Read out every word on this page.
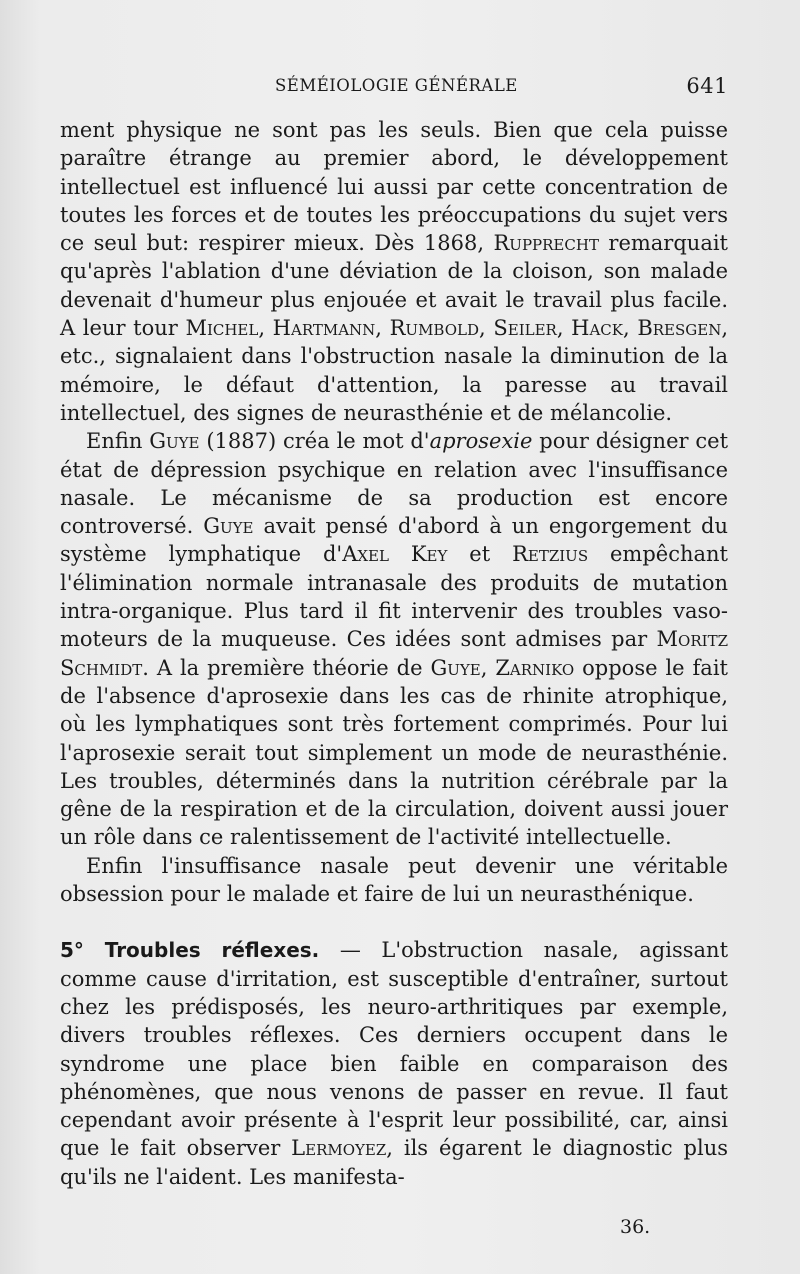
SÉMÉIOLOGIE GÉNÉRALE	641

ment physique ne sont pas les seuls. Bien que cela puisse paraître étrange au premier abord, le développement intellectuel est influencé lui aussi par cette concentration de toutes les forces et de toutes les préoccupations du sujet vers ce seul but: respirer mieux. Dès 1868, Rupprecht remarquait qu'après l'ablation d'une déviation de la cloison, son malade devenait d'humeur plus enjouée et avait le travail plus facile. A leur tour Michel, Hartmann, Rumbold, Seiler, Hack, Bresgen, etc., signalaient dans l'obstruction nasale la diminution de la mémoire, le défaut d'attention, la paresse au travail intellectuel, des signes de neurasthénie et de mélancolie.

Enfin Guye (1887) créa le mot d'aprosexie pour désigner cet état de dépression psychique en relation avec l'insuffisance nasale. Le mécanisme de sa production est encore controversé. Guye avait pensé d'abord à un engorgement du système lymphatique d'Axel Key et Retzius empêchant l'élimination normale intranasale des produits de mutation intra-organique. Plus tard il fit intervenir des troubles vaso-moteurs de la muqueuse. Ces idées sont admises par Moritz Schmidt. A la première théorie de Guye, Zarniko oppose le fait de l'absence d'aprosexie dans les cas de rhinite atrophique, où les lymphatiques sont très fortement comprimés. Pour lui l'aprosexie serait tout simplement un mode de neurasthénie. Les troubles, déterminés dans la nutrition cérébrale par la gêne de la respiration et de la circulation, doivent aussi jouer un rôle dans ce ralentissement de l'activité intellectuelle.

Enfin l'insuffisance nasale peut devenir une véritable obsession pour le malade et faire de lui un neurasthénique.

5° Troubles réflexes. — L'obstruction nasale, agissant comme cause d'irritation, est susceptible d'entraîner, surtout chez les prédisposés, les neuro-arthritiques par exemple, divers troubles réflexes. Ces derniers occupent dans le syndrome une place bien faible en comparaison des phénomènes, que nous venons de passer en revue. Il faut cependant avoir présente à l'esprit leur possibilité, car, ainsi que le fait observer Lermoyez, ils égarent le diagnostic plus qu'ils ne l'aident. Les manifesta-

36.
